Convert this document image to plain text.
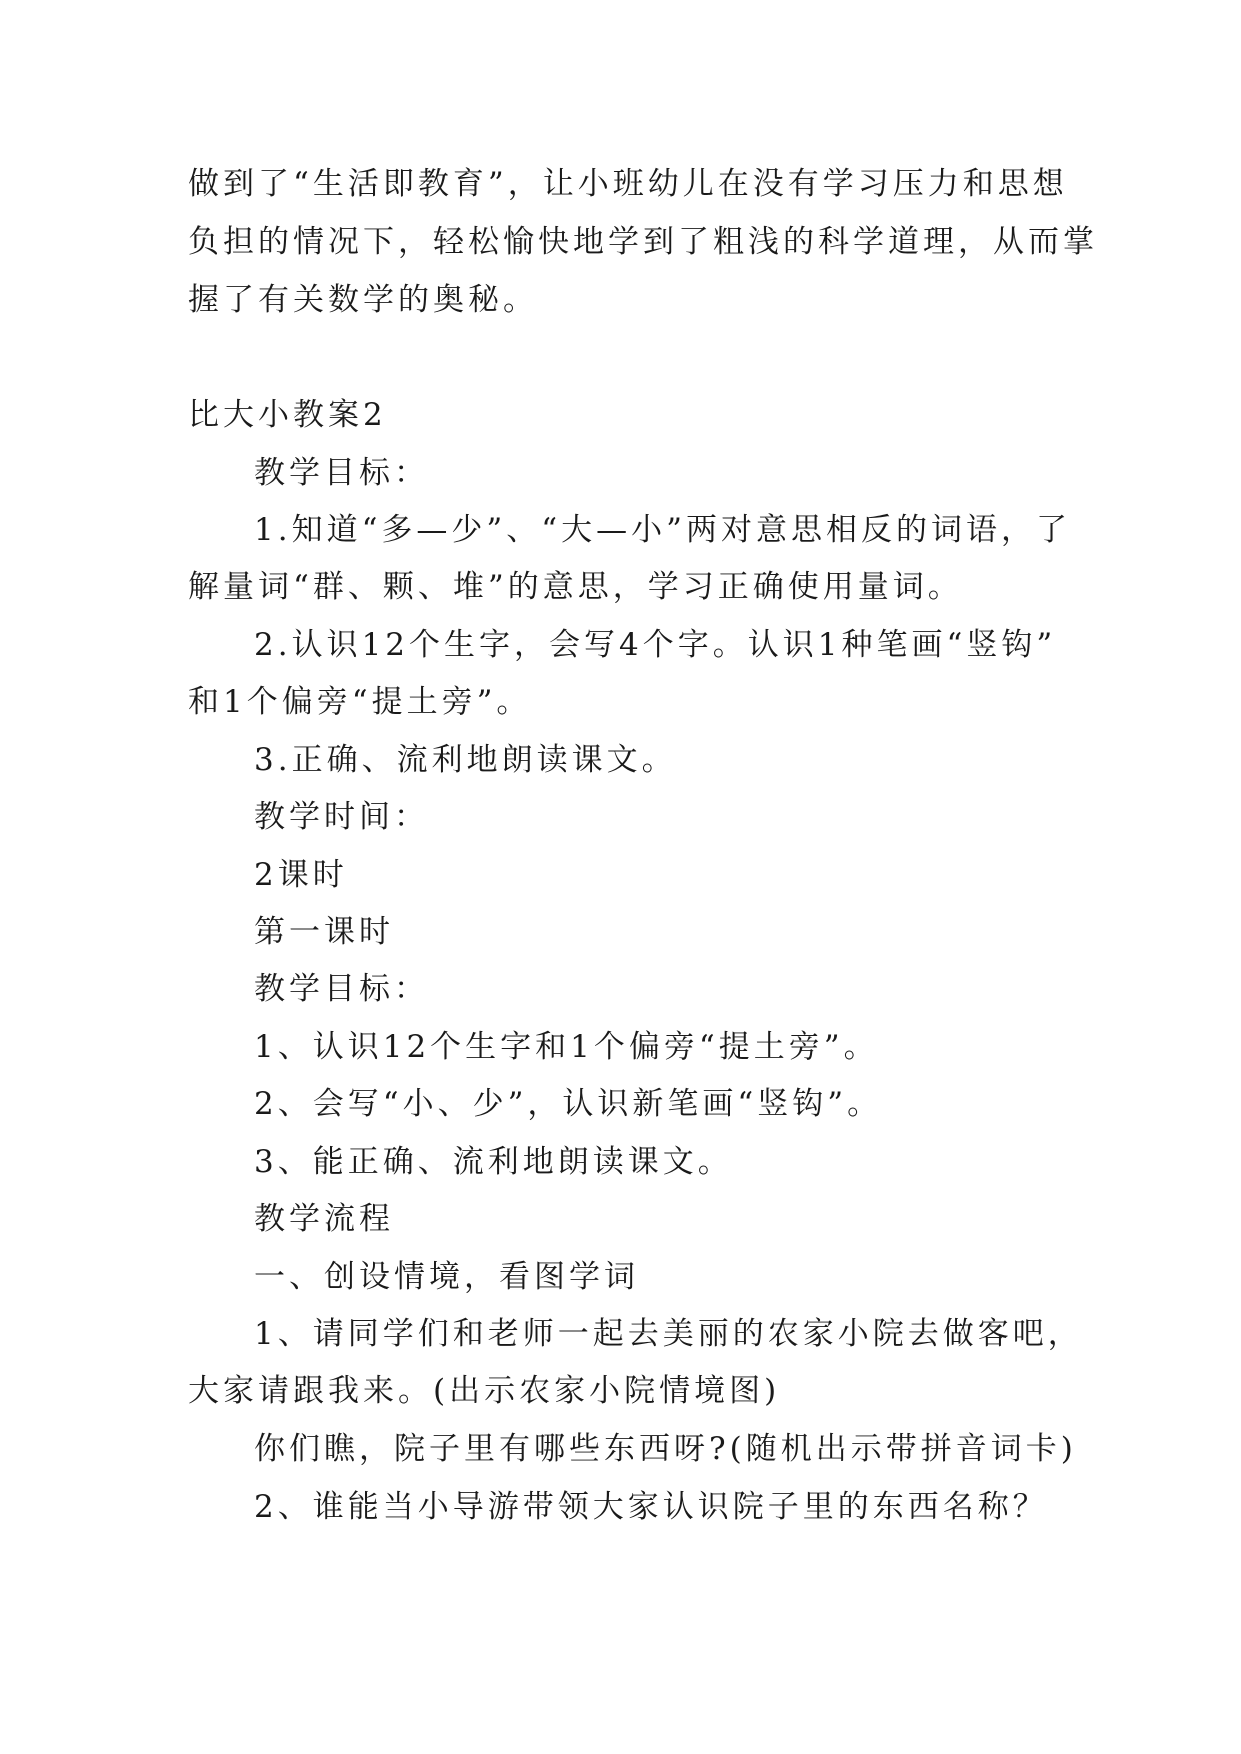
做到了“生活即教育”，让小班幼儿在没有学习压力和思想
负担的情况下，轻松愉快地学到了粗浅的科学道理，从而掌
握了有关数学的奥秘。
比大小教案2
教学目标：
1.知道“多—少”、“大—小”两对意思相反的词语，了
解量词“群、颗、堆”的意思，学习正确使用量词。
2.认识12个生字，会写4个字。认识1种笔画“竖钩”
和1个偏旁“提土旁”。
3.正确、流利地朗读课文。
教学时间：
2课时
第一课时
教学目标：
1、认识12个生字和1个偏旁“提土旁”。
2、会写“小、少”，认识新笔画“竖钩”。
3、能正确、流利地朗读课文。
教学流程
一、创设情境，看图学词
1、请同学们和老师一起去美丽的农家小院去做客吧，
大家请跟我来。(出示农家小院情境图)
你们瞧，院子里有哪些东西呀?(随机出示带拼音词卡)
2、谁能当小导游带领大家认识院子里的东西名称？
